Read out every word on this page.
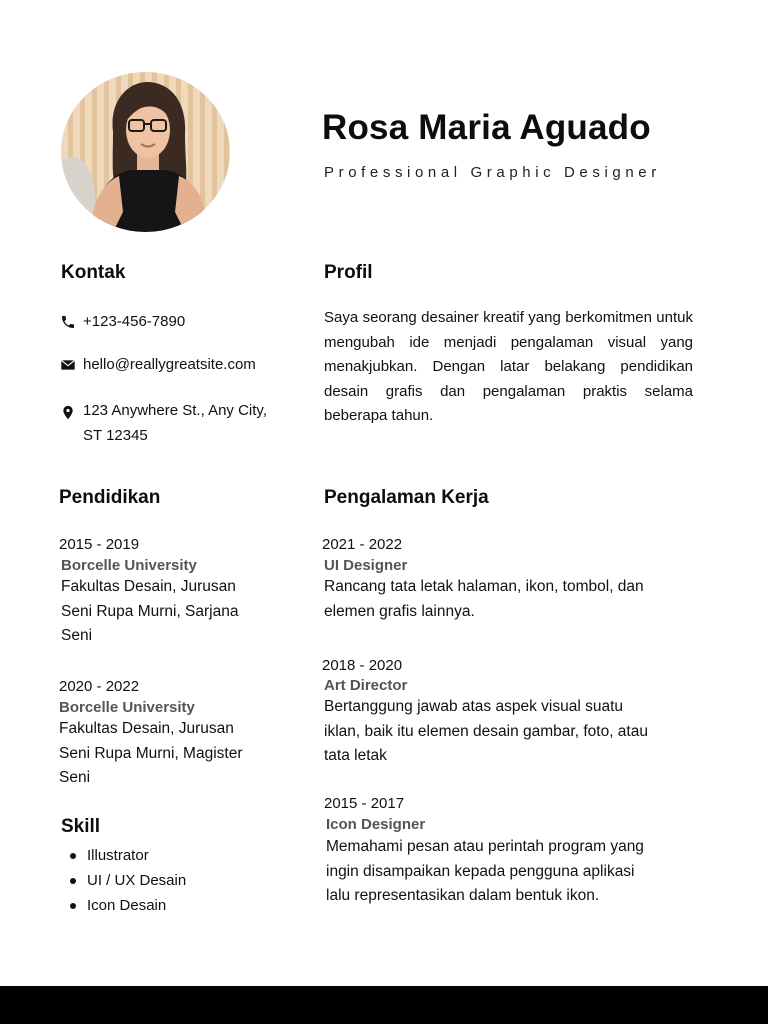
Rosa Maria Aguado
Professional Graphic Designer
Kontak
+123-456-7890
hello@reallygreatsite.com
123 Anywhere St., Any City,
ST 12345
Profil
Saya seorang desainer kreatif yang berkomitmen untuk mengubah ide menjadi pengalaman visual yang menakjubkan. Dengan latar belakang pendidikan desain grafis dan pengalaman praktis selama beberapa tahun.
Pendidikan
2015 - 2019
Borcelle University
Fakultas Desain, Jurusan
Seni Rupa Murni, Sarjana
Seni
2020 - 2022
Borcelle University
Fakultas Desain, Jurusan
Seni Rupa Murni, Magister
Seni
Skill
Illustrator
UI / UX Desain
Icon Desain
Pengalaman Kerja
2021 - 2022
UI Designer
Rancang tata letak halaman, ikon, tombol, dan
elemen grafis lainnya.
2018 - 2020
Art Director
Bertanggung jawab atas aspek visual suatu
iklan, baik itu elemen desain gambar, foto, atau
tata letak
2015 - 2017
Icon Designer
Memahami pesan atau perintah program yang
ingin disampaikan kepada pengguna aplikasi
lalu representasikan dalam bentuk ikon.
